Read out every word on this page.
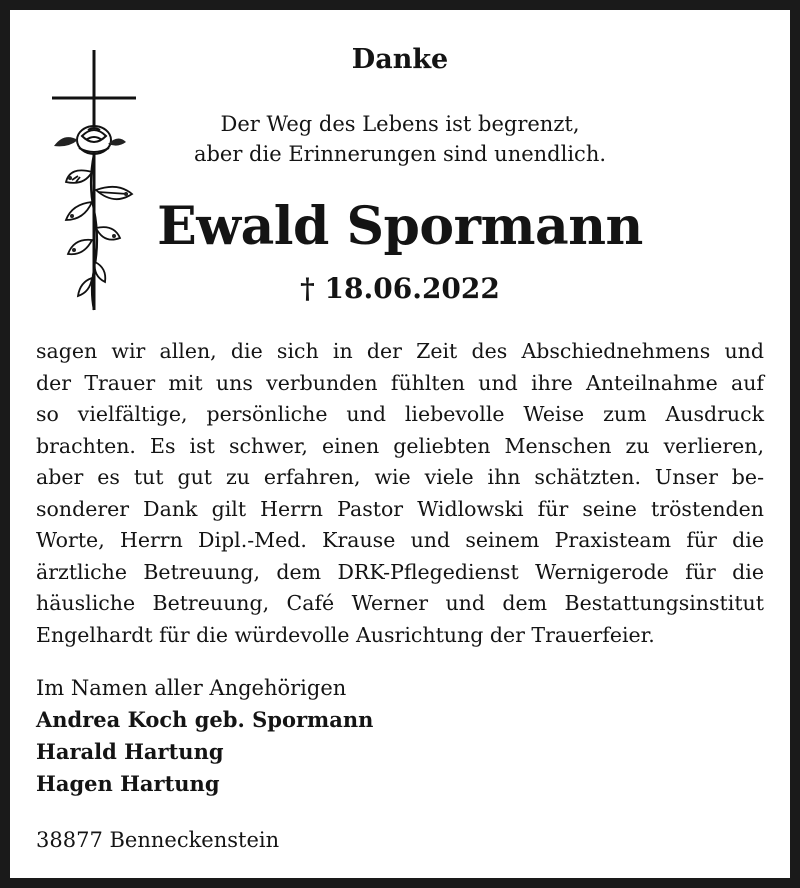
Danke
Der Weg des Lebens ist begrenzt,
aber die Erinnerungen sind unendlich.
Ewald Spormann
† 18.06.2022
sagen wir allen, die sich in der Zeit des Abschiednehmens und
der Trauer mit uns verbunden fühlten und ihre Anteilnahme auf
so vielfältige, persönliche und liebevolle Weise zum Ausdruck
brachten. Es ist schwer, einen geliebten Menschen zu verlieren,
aber es tut gut zu erfahren, wie viele ihn schätzten. Unser be-
sonderer Dank gilt Herrn Pastor Widlowski für seine tröstenden
Worte, Herrn Dipl.-Med. Krause und seinem Praxisteam für die
ärztliche Betreuung, dem DRK-Pflegedienst Wernigerode für die
häusliche Betreuung, Café Werner und dem Bestattungsinstitut
Engelhardt für die würdevolle Ausrichtung der Trauerfeier.
Im Namen aller Angehörigen
Andrea Koch geb. Spormann
Harald Hartung
Hagen Hartung
38877 Benneckenstein
